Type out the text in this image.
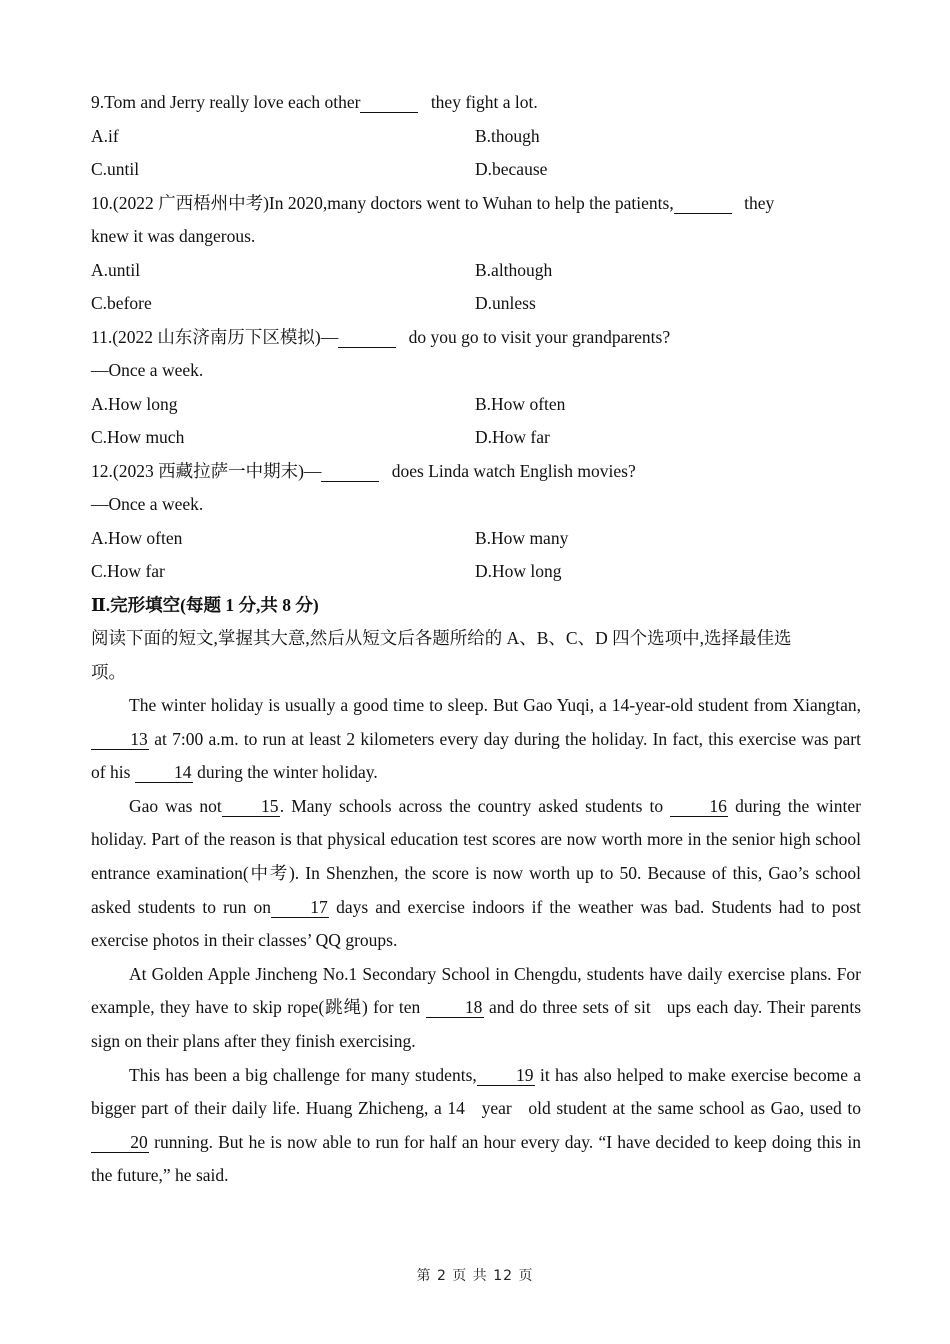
9.Tom and Jerry really love each other	they fight a lot.
A.if	B.though
C.until	D.because
10.(2022 广西梧州中考)In 2020,many doctors went to Wuhan to help the patients,	they
knew it was dangerous.
A.until	B.although
C.before	D.unless
11.(2022 山东济南历下区模拟)—	do you go to visit your grandparents?
—Once a week.
A.How long	B.How often
C.How much	D.How far
12.(2023 西藏拉萨一中期末)—	does Linda watch English movies?
—Once a week.
A.How often	B.How many
C.How far	D.How long
Ⅱ.完形填空(每题 1 分,共 8 分)
阅读下面的短文,掌握其大意,然后从短文后各题所给的 A、B、C、D 四个选项中,选择最佳选
项。

The winter holiday is usually a good time to sleep. But Gao Yuqi, a 14-year-old student from Xiangtan,13 at 7:00 a.m. to run at least 2 kilometers every day during the holiday. In fact, this exercise was part of his 14 during the winter holiday.

Gao was not 15. Many schools across the country asked students to 16 during the winter holiday. Part of the reason is that physical education test scores are now worth more in the senior high school entrance examination(中考). In Shenzhen, the score is now worth up to 50. Because of this, Gao’s school asked students to run on 17 days and exercise indoors if the weather was bad. Students had to post exercise photos in their classes’ QQ groups.

At Golden Apple Jincheng No.1 Secondary School in Chengdu, students have daily exercise plans. For example, they have to skip rope(跳绳) for ten 18 and do three sets of sit   ups each day. Their parents sign on their plans after they finish exercising.

This has been a big challenge for many students, 19 it has also helped to make exercise become a bigger part of their daily life. Huang Zhicheng, a 14   year   old student at the same school as Gao, used to 20 running. But he is now able to run for half an hour every day. “I have decided to keep doing this in the future,” he said.

第 2 页 共 12 页
